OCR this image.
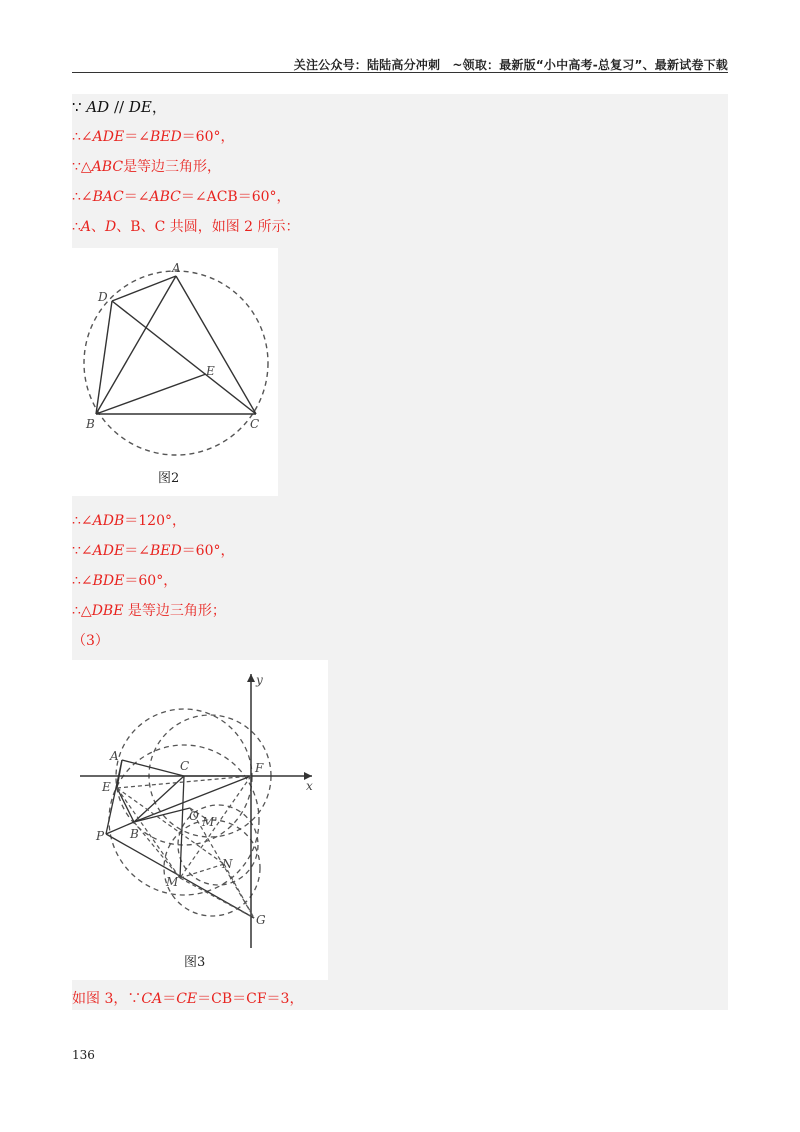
关注公众号：陆陆高分冲刺　~领取：最新版“小中高考-总复习”、最新试卷下载
∵ AD // DE，
∴∠ADE＝∠BED＝60°，
∵△ABC是等边三角形，
∴∠BAC＝∠ABC＝∠ACB＝60°，
∴A、D、B、C 共圆，如图 2 所示：
A
D
E
B	C
图2
∴∠ADB＝120°，
∵∠ADE＝∠BED＝60°，
∴∠BDE＝60°，
∴△DBE 是等边三角形；
（3）
y
x
A
C	F
E
O M'
P B
N
M
G
图3
如图 3，∵CA＝CE＝CB＝CF＝3，
136
